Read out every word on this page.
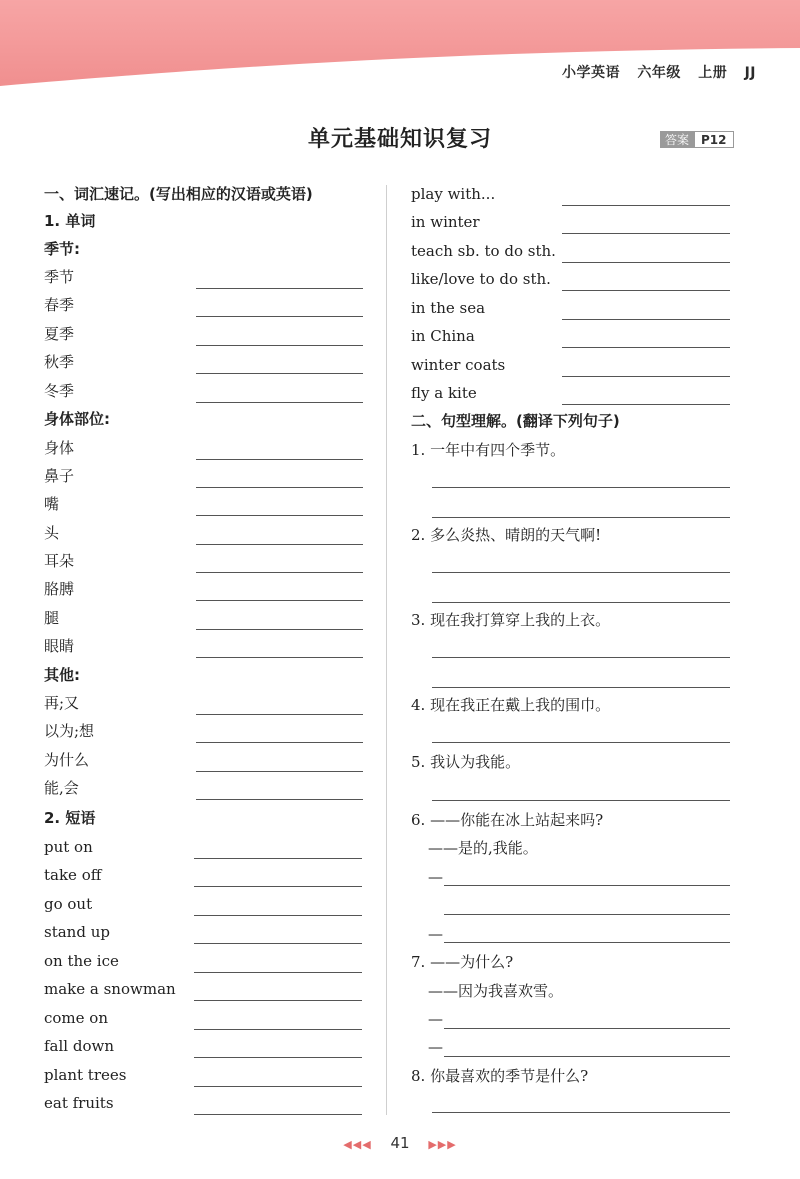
小学英语 六年级 上册 JJ
单元基础知识复习	答案	P12
一、词汇速记。(写出相应的汉语或英语)
1. 单词
季节:
季节
春季
夏季
秋季
冬季
身体部位:
身体
鼻子
嘴
头
耳朵
胳膊
腿
眼睛
其他:
再;又
以为;想
为什么
能,会
2. 短语
put on
take off
go out
stand up
on the ice
make a snowman
come on
fall down
plant trees
eat fruits
play with...
in winter
teach sb. to do sth.
like/love to do sth.
in the sea
in China
winter coats
fly a kite
二、句型理解。(翻译下列句子)
1. 一年中有四个季节。
2. 多么炎热、晴朗的天气啊!
3. 现在我打算穿上我的上衣。
4. 现在我正在戴上我的围巾。
5. 我认为我能。
6. ——你能在冰上站起来吗?
——是的,我能。
—
—
7. ——为什么?
——因为我喜欢雪。
—
—
8. 你最喜欢的季节是什么?
◀◀◀ 41 ▶▶▶
